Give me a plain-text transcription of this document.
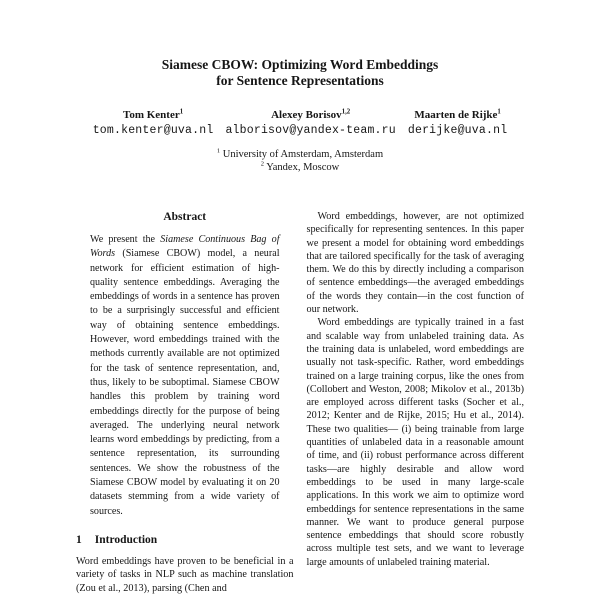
Siamese CBOW: Optimizing Word Embeddings
for Sentence Representations
Tom Kenter$^1$
tom.kenter@uva.nl
Alexey Borisov$^{1,2}$
alborisov@yandex-team.ru
Maarten de Rijke$^1$
derijke@uva.nl
$^1$ University of Amsterdam, Amsterdam
$^2$ Yandex, Moscow
Abstract

We present the Siamese Continuous Bag of Words (Siamese CBOW) model, a neural network for efficient estimation of high-quality sentence embeddings. Averaging the embeddings of words in a sentence has proven to be a surprisingly successful and efficient way of obtaining sentence embeddings. However, word embeddings trained with the methods currently available are not optimized for the task of sentence representation, and, thus, likely to be suboptimal. Siamese CBOW handles this problem by training word embeddings directly for the purpose of being averaged. The underlying neural network learns word embeddings by predicting, from a sentence representation, its surrounding sentences. We show the robustness of the Siamese CBOW model by evaluating it on 20 datasets stemming from a wide variety of sources.

1 Introduction

Word embeddings have proven to be beneficial in a variety of tasks in NLP such as machine translation (Zou et al., 2013), parsing (Chen and

Word embeddings, however, are not optimized specifically for representing sentences. In this paper we present a model for obtaining word embeddings that are tailored specifically for the task of averaging them. We do this by directly including a comparison of sentence embeddings—the averaged embeddings of the words they contain—in the cost function of our network.

Word embeddings are typically trained in a fast and scalable way from unlabeled training data. As the training data is unlabeled, word embeddings are usually not task-specific. Rather, word embeddings trained on a large training corpus, like the ones from (Collobert and Weston, 2008; Mikolov et al., 2013b) are employed across different tasks (Socher et al., 2012; Kenter and de Rijke, 2015; Hu et al., 2014). These two qualities— (i) being trainable from large quantities of unlabeled data in a reasonable amount of time, and (ii) robust performance across different tasks—are highly desirable and allow word embeddings to be used in many large-scale applications. In this work we aim to optimize word embeddings for sentence representations in the same manner. We want to produce general purpose sentence embeddings that should score robustly across multiple test sets, and we want to leverage large amounts of unlabeled training material.
